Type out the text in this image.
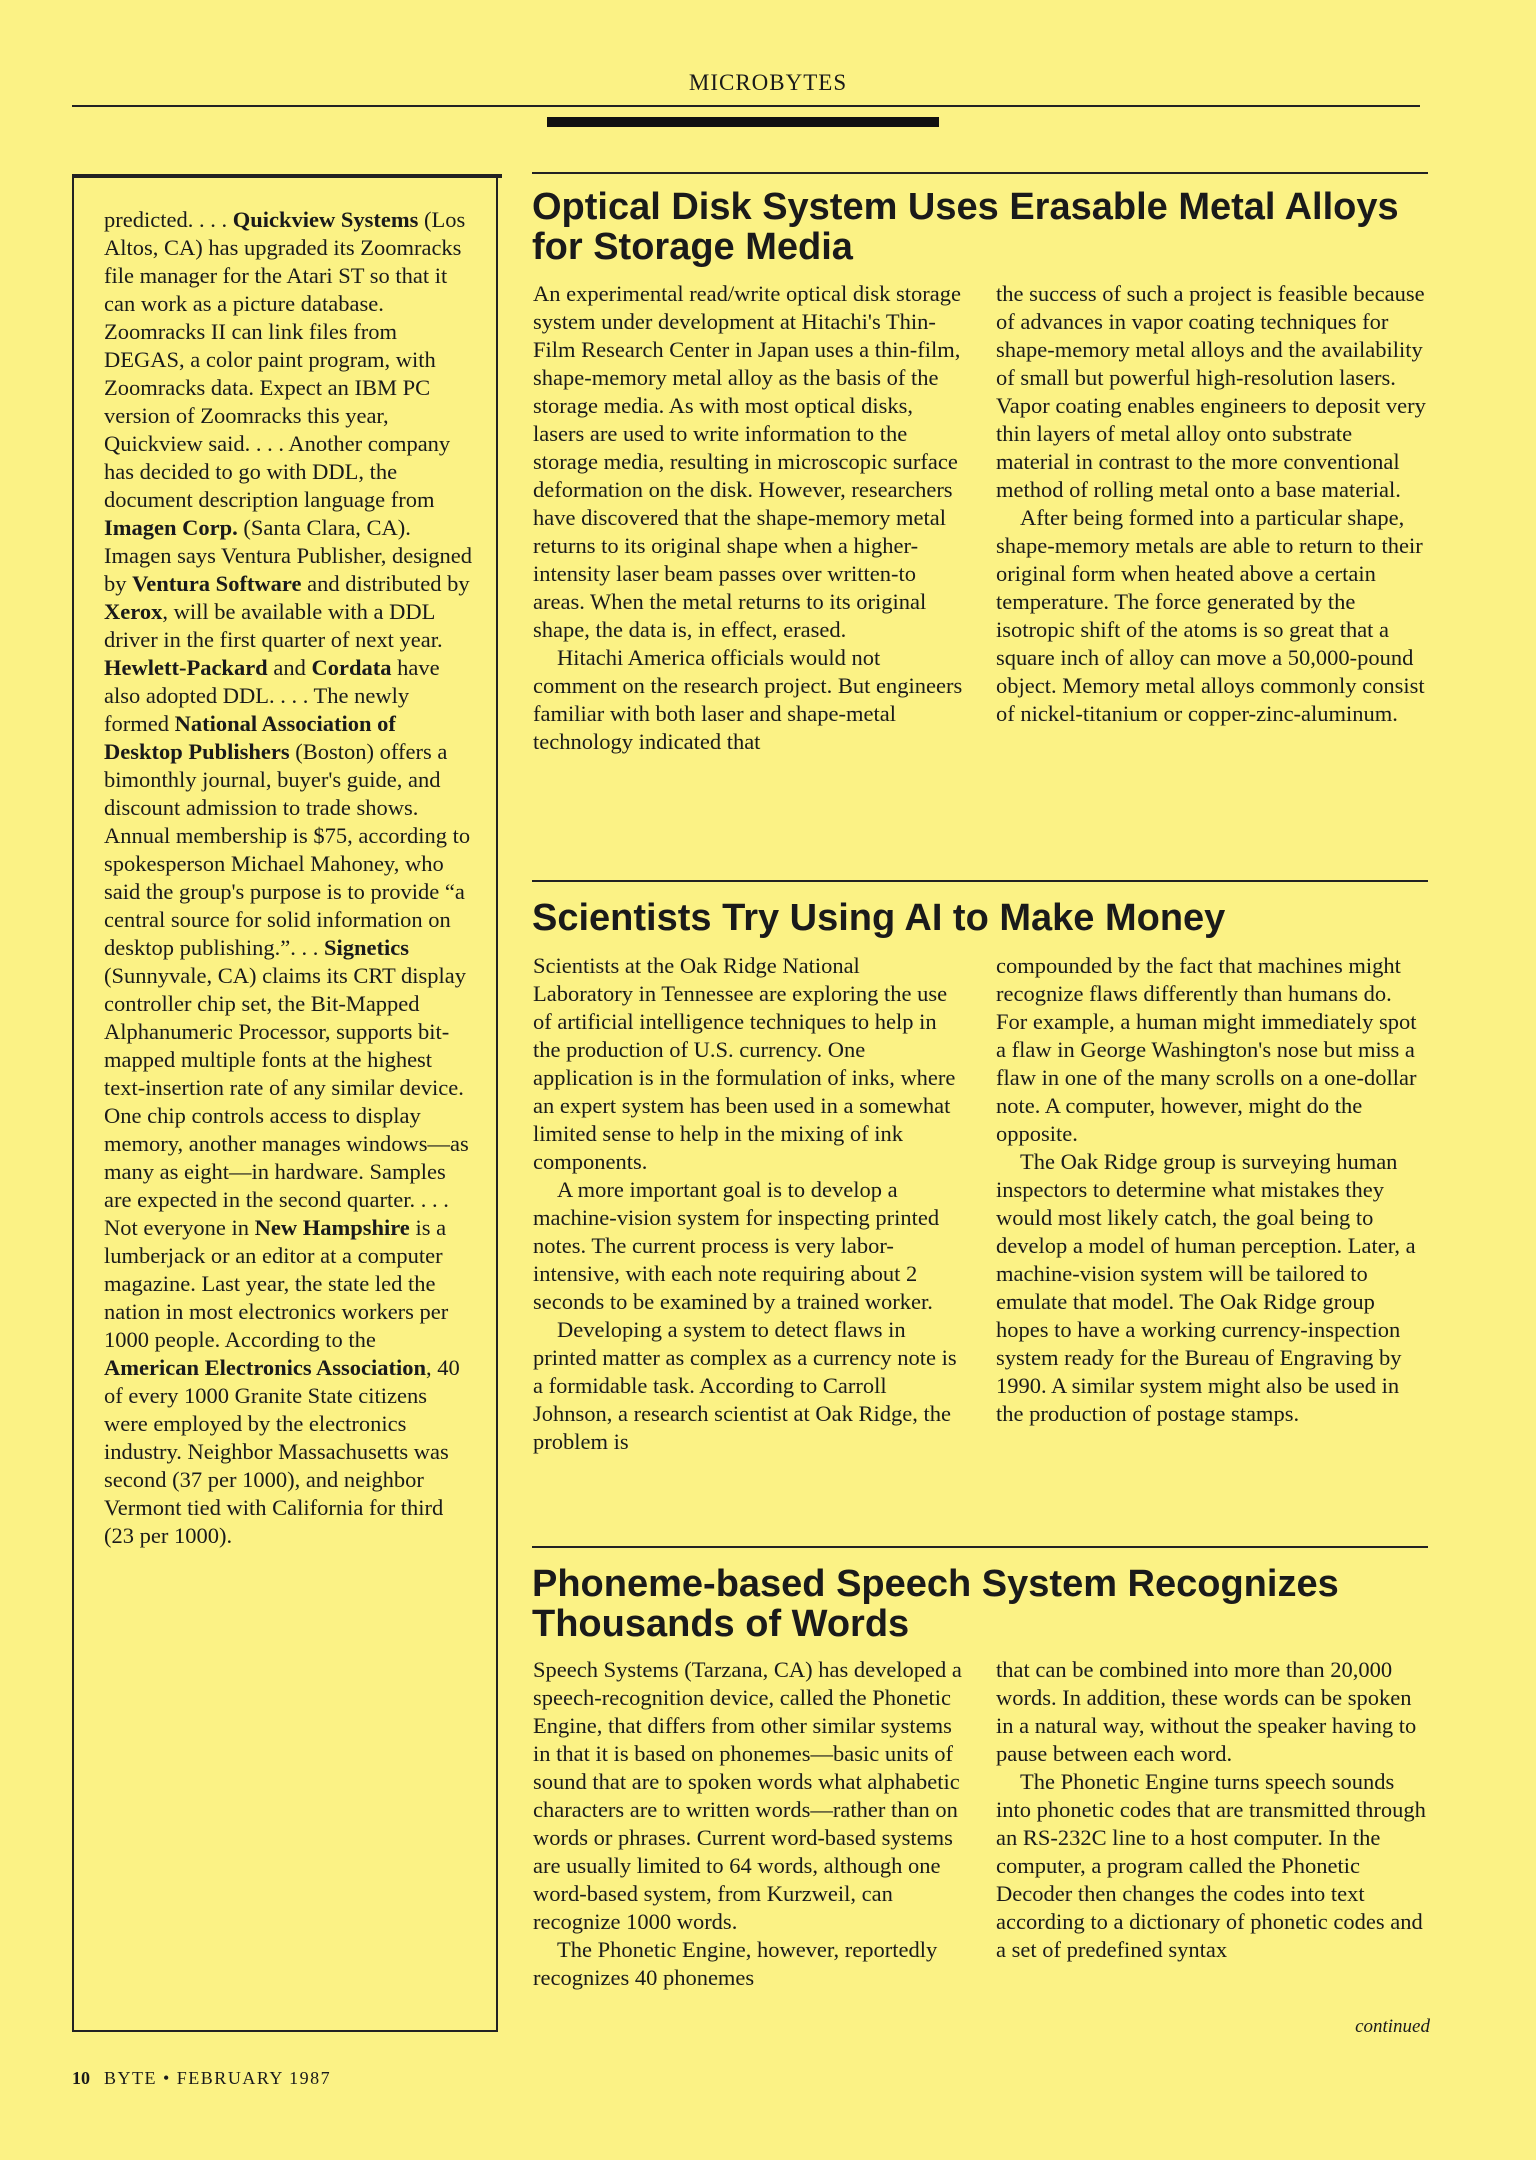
MICROBYTES

predicted. . . . Quickview Systems (Los Altos, CA) has upgraded its Zoomracks file manager for the Atari ST so that it can work as a picture database. Zoomracks II can link files from DEGAS, a color paint program, with Zoomracks data. Expect an IBM PC version of Zoomracks this year, Quickview said. . . . Another company has decided to go with DDL, the document description language from Imagen Corp. (Santa Clara, CA). Imagen says Ventura Publisher, designed by Ventura Software and distributed by Xerox, will be available with a DDL driver in the first quarter of next year. Hewlett-Packard and Cordata have also adopted DDL. . . . The newly formed National Association of Desktop Publishers (Boston) offers a bimonthly journal, buyer's guide, and discount admission to trade shows. Annual membership is $75, according to spokesperson Michael Mahoney, who said the group's purpose is to provide “a central source for solid information on desktop publishing.”. . . Signetics (Sunnyvale, CA) claims its CRT display controller chip set, the Bit-Mapped Alphanumeric Processor, supports bit-mapped multiple fonts at the highest text-insertion rate of any similar device. One chip controls access to display memory, another manages windows—as many as eight—in hardware. Samples are expected in the second quarter. . . . Not everyone in New Hampshire is a lumberjack or an editor at a computer magazine. Last year, the state led the nation in most electronics workers per 1000 people. According to the American Electronics Association, 40 of every 1000 Granite State citizens were employed by the electronics industry. Neighbor Massachusetts was second (37 per 1000), and neighbor Vermont tied with California for third (23 per 1000).

Optical Disk System Uses Erasable Metal Alloys for Storage Media

An experimental read/write optical disk storage system under development at Hitachi's Thin-Film Research Center in Japan uses a thin-film, shape-memory metal alloy as the basis of the storage media. As with most optical disks, lasers are used to write information to the storage media, resulting in microscopic surface deformation on the disk. However, researchers have discovered that the shape-memory metal returns to its original shape when a higher-intensity laser beam passes over written-to areas. When the metal returns to its original shape, the data is, in effect, erased.

Hitachi America officials would not comment on the research project. But engineers familiar with both laser and shape-metal technology indicated that

the success of such a project is feasible because of advances in vapor coating techniques for shape-memory metal alloys and the availability of small but powerful high-resolution lasers. Vapor coating enables engineers to deposit very thin layers of metal alloy onto substrate material in contrast to the more conventional method of rolling metal onto a base material.

After being formed into a particular shape, shape-memory metals are able to return to their original form when heated above a certain temperature. The force generated by the isotropic shift of the atoms is so great that a square inch of alloy can move a 50,000-pound object. Memory metal alloys commonly consist of nickel-titanium or copper-zinc-aluminum.

Scientists Try Using AI to Make Money

Scientists at the Oak Ridge National Laboratory in Tennessee are exploring the use of artificial intelligence techniques to help in the production of U.S. currency. One application is in the formulation of inks, where an expert system has been used in a somewhat limited sense to help in the mixing of ink components.

A more important goal is to develop a machine-vision system for inspecting printed notes. The current process is very labor-intensive, with each note requiring about 2 seconds to be examined by a trained worker.

Developing a system to detect flaws in printed matter as complex as a currency note is a formidable task. According to Carroll Johnson, a research scientist at Oak Ridge, the problem is

compounded by the fact that machines might recognize flaws differently than humans do. For example, a human might immediately spot a flaw in George Washington's nose but miss a flaw in one of the many scrolls on a one-dollar note. A computer, however, might do the opposite.

The Oak Ridge group is surveying human inspectors to determine what mistakes they would most likely catch, the goal being to develop a model of human perception. Later, a machine-vision system will be tailored to emulate that model. The Oak Ridge group hopes to have a working currency-inspection system ready for the Bureau of Engraving by 1990. A similar system might also be used in the production of postage stamps.

Phoneme-based Speech System Recognizes Thousands of Words

Speech Systems (Tarzana, CA) has developed a speech-recognition device, called the Phonetic Engine, that differs from other similar systems in that it is based on phonemes—basic units of sound that are to spoken words what alphabetic characters are to written words—rather than on words or phrases. Current word-based systems are usually limited to 64 words, although one word-based system, from Kurzweil, can recognize 1000 words.

The Phonetic Engine, however, reportedly recognizes 40 phonemes

that can be combined into more than 20,000 words. In addition, these words can be spoken in a natural way, without the speaker having to pause between each word.

The Phonetic Engine turns speech sounds into phonetic codes that are transmitted through an RS-232C line to a host computer. In the computer, a program called the Phonetic Decoder then changes the codes into text according to a dictionary of phonetic codes and a set of predefined syntax

continued
10 BYTE • FEBRUARY 1987
